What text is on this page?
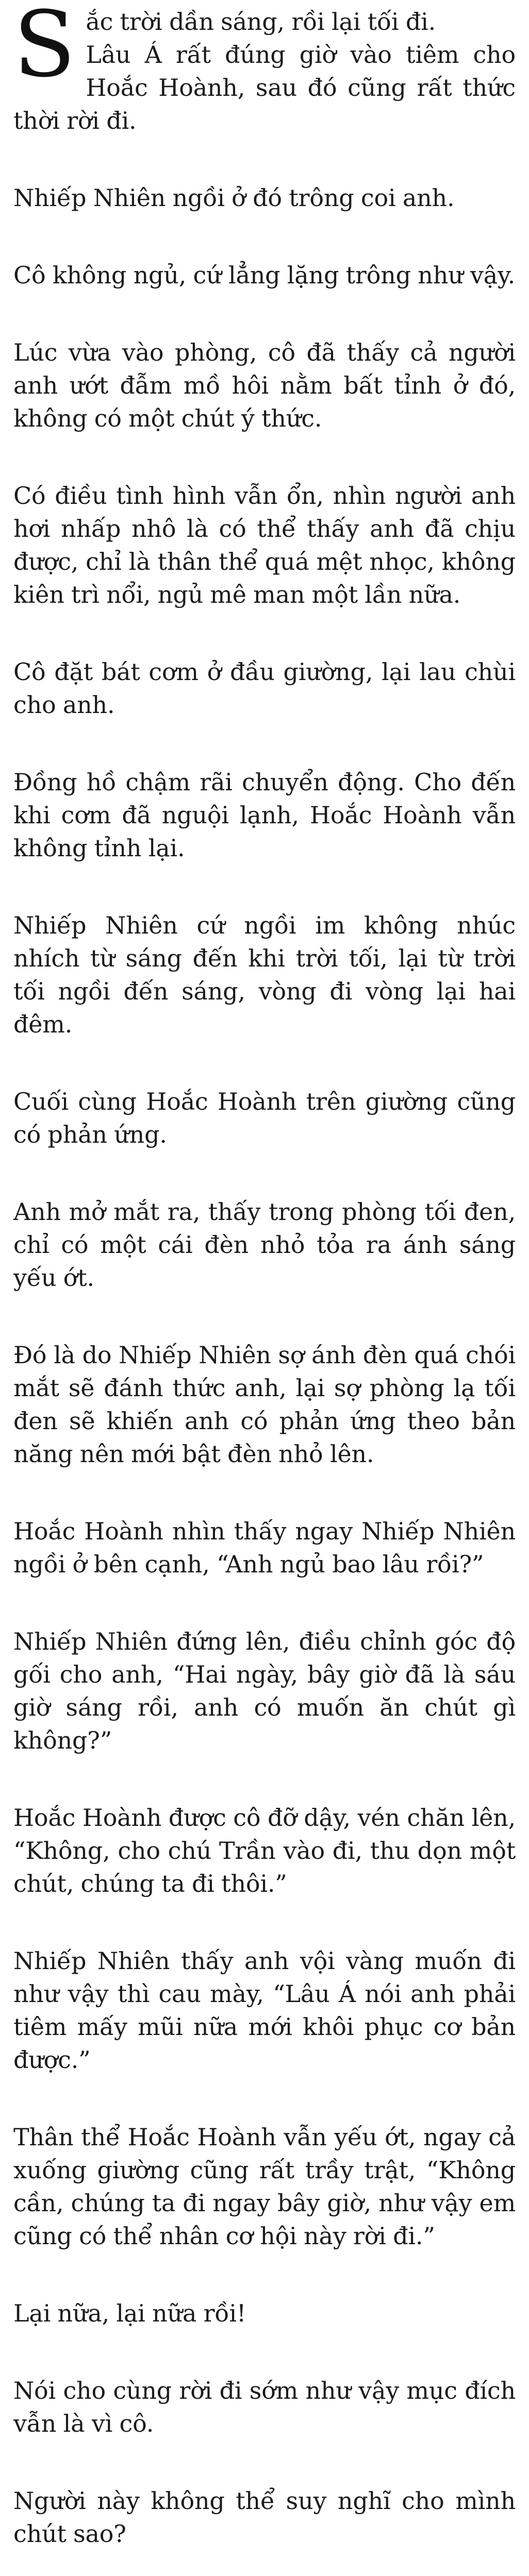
Sắc trời dần sáng, rồi lại tối đi.
Lâu Á rất đúng giờ vào tiêm cho Hoắc Hoành, sau đó cũng rất thức thời rời đi.

Nhiếp Nhiên ngồi ở đó trông coi anh.

Cô không ngủ, cứ lẳng lặng trông như vậy.

Lúc vừa vào phòng, cô đã thấy cả người anh ướt đẫm mồ hôi nằm bất tỉnh ở đó, không có một chút ý thức.

Có điều tình hình vẫn ổn, nhìn người anh hơi nhấp nhô là có thể thấy anh đã chịu được, chỉ là thân thể quá mệt nhọc, không kiên trì nổi, ngủ mê man một lần nữa.

Cô đặt bát cơm ở đầu giường, lại lau chùi cho anh.

Đồng hồ chậm rãi chuyển động. Cho đến khi cơm đã nguội lạnh, Hoắc Hoành vẫn không tỉnh lại.

Nhiếp Nhiên cứ ngồi im không nhúc nhích từ sáng đến khi trời tối, lại từ trời tối ngồi đến sáng, vòng đi vòng lại hai đêm.

Cuối cùng Hoắc Hoành trên giường cũng có phản ứng.

Anh mở mắt ra, thấy trong phòng tối đen, chỉ có một cái đèn nhỏ tỏa ra ánh sáng yếu ớt.

Đó là do Nhiếp Nhiên sợ ánh đèn quá chói mắt sẽ đánh thức anh, lại sợ phòng lạ tối đen sẽ khiến anh có phản ứng theo bản năng nên mới bật đèn nhỏ lên.

Hoắc Hoành nhìn thấy ngay Nhiếp Nhiên ngồi ở bên cạnh, “Anh ngủ bao lâu rồi?”

Nhiếp Nhiên đứng lên, điều chỉnh góc độ gối cho anh, “Hai ngày, bây giờ đã là sáu giờ sáng rồi, anh có muốn ăn chút gì không?”

Hoắc Hoành được cô đỡ dậy, vén chăn lên, “Không, cho chú Trần vào đi, thu dọn một chút, chúng ta đi thôi.”

Nhiếp Nhiên thấy anh vội vàng muốn đi như vậy thì cau mày, “Lâu Á nói anh phải tiêm mấy mũi nữa mới khôi phục cơ bản được.”

Thân thể Hoắc Hoành vẫn yếu ớt, ngay cả xuống giường cũng rất trầy trật, “Không cần, chúng ta đi ngay bây giờ, như vậy em cũng có thể nhân cơ hội này rời đi.”

Lại nữa, lại nữa rồi!

Nói cho cùng rời đi sớm như vậy mục đích vẫn là vì cô.

Người này không thể suy nghĩ cho mình chút sao?
